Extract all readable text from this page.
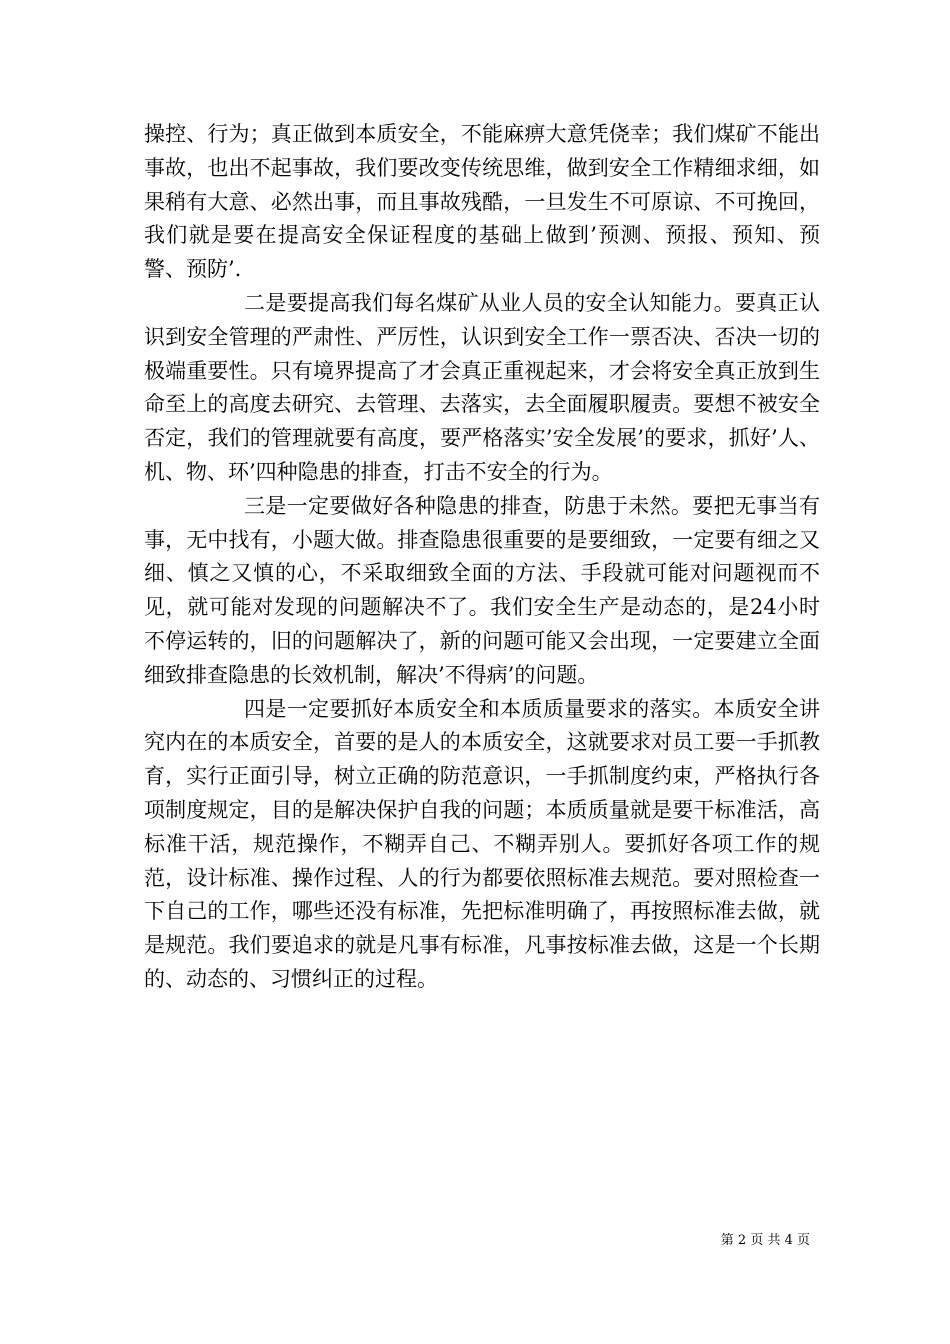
操控、行为；真正做到本质安全，不能麻痹大意凭侥幸；我们煤矿不能出事故，也出不起事故，我们要改变传统思维，做到安全工作精细求细，如果稍有大意、必然出事，而且事故残酷，一旦发生不可原谅、不可挽回，我们就是要在提高安全保证程度的基础上做到’预测、预报、预知、预警、预防’.

二是要提高我们每名煤矿从业人员的安全认知能力。要真正认识到安全管理的严肃性、严厉性，认识到安全工作一票否决、否决一切的极端重要性。只有境界提高了才会真正重视起来，才会将安全真正放到生命至上的高度去研究、去管理、去落实，去全面履职履责。要想不被安全否定，我们的管理就要有高度，要严格落实’安全发展’的要求，抓好’人、机、物、环’四种隐患的排查，打击不安全的行为。

三是一定要做好各种隐患的排查，防患于未然。要把无事当有事，无中找有，小题大做。排查隐患很重要的是要细致，一定要有细之又细、慎之又慎的心，不采取细致全面的方法、手段就可能对问题视而不见，就可能对发现的问题解决不了。我们安全生产是动态的，是24小时不停运转的，旧的问题解决了，新的问题可能又会出现，一定要建立全面细致排查隐患的长效机制，解决’不得病’的问题。

四是一定要抓好本质安全和本质质量要求的落实。本质安全讲究内在的本质安全，首要的是人的本质安全，这就要求对员工要一手抓教育，实行正面引导，树立正确的防范意识，一手抓制度约束，严格执行各项制度规定，目的是解决保护自我的问题；本质质量就是要干标准活，高标准干活，规范操作，不糊弄自己、不糊弄别人。要抓好各项工作的规范，设计标准、操作过程、人的行为都要依照标准去规范。要对照检查一下自己的工作，哪些还没有标准，先把标准明确了，再按照标准去做，就是规范。我们要追求的就是凡事有标准，凡事按标准去做，这是一个长期的、动态的、习惯纠正的过程。

第 2 页 共 4 页
